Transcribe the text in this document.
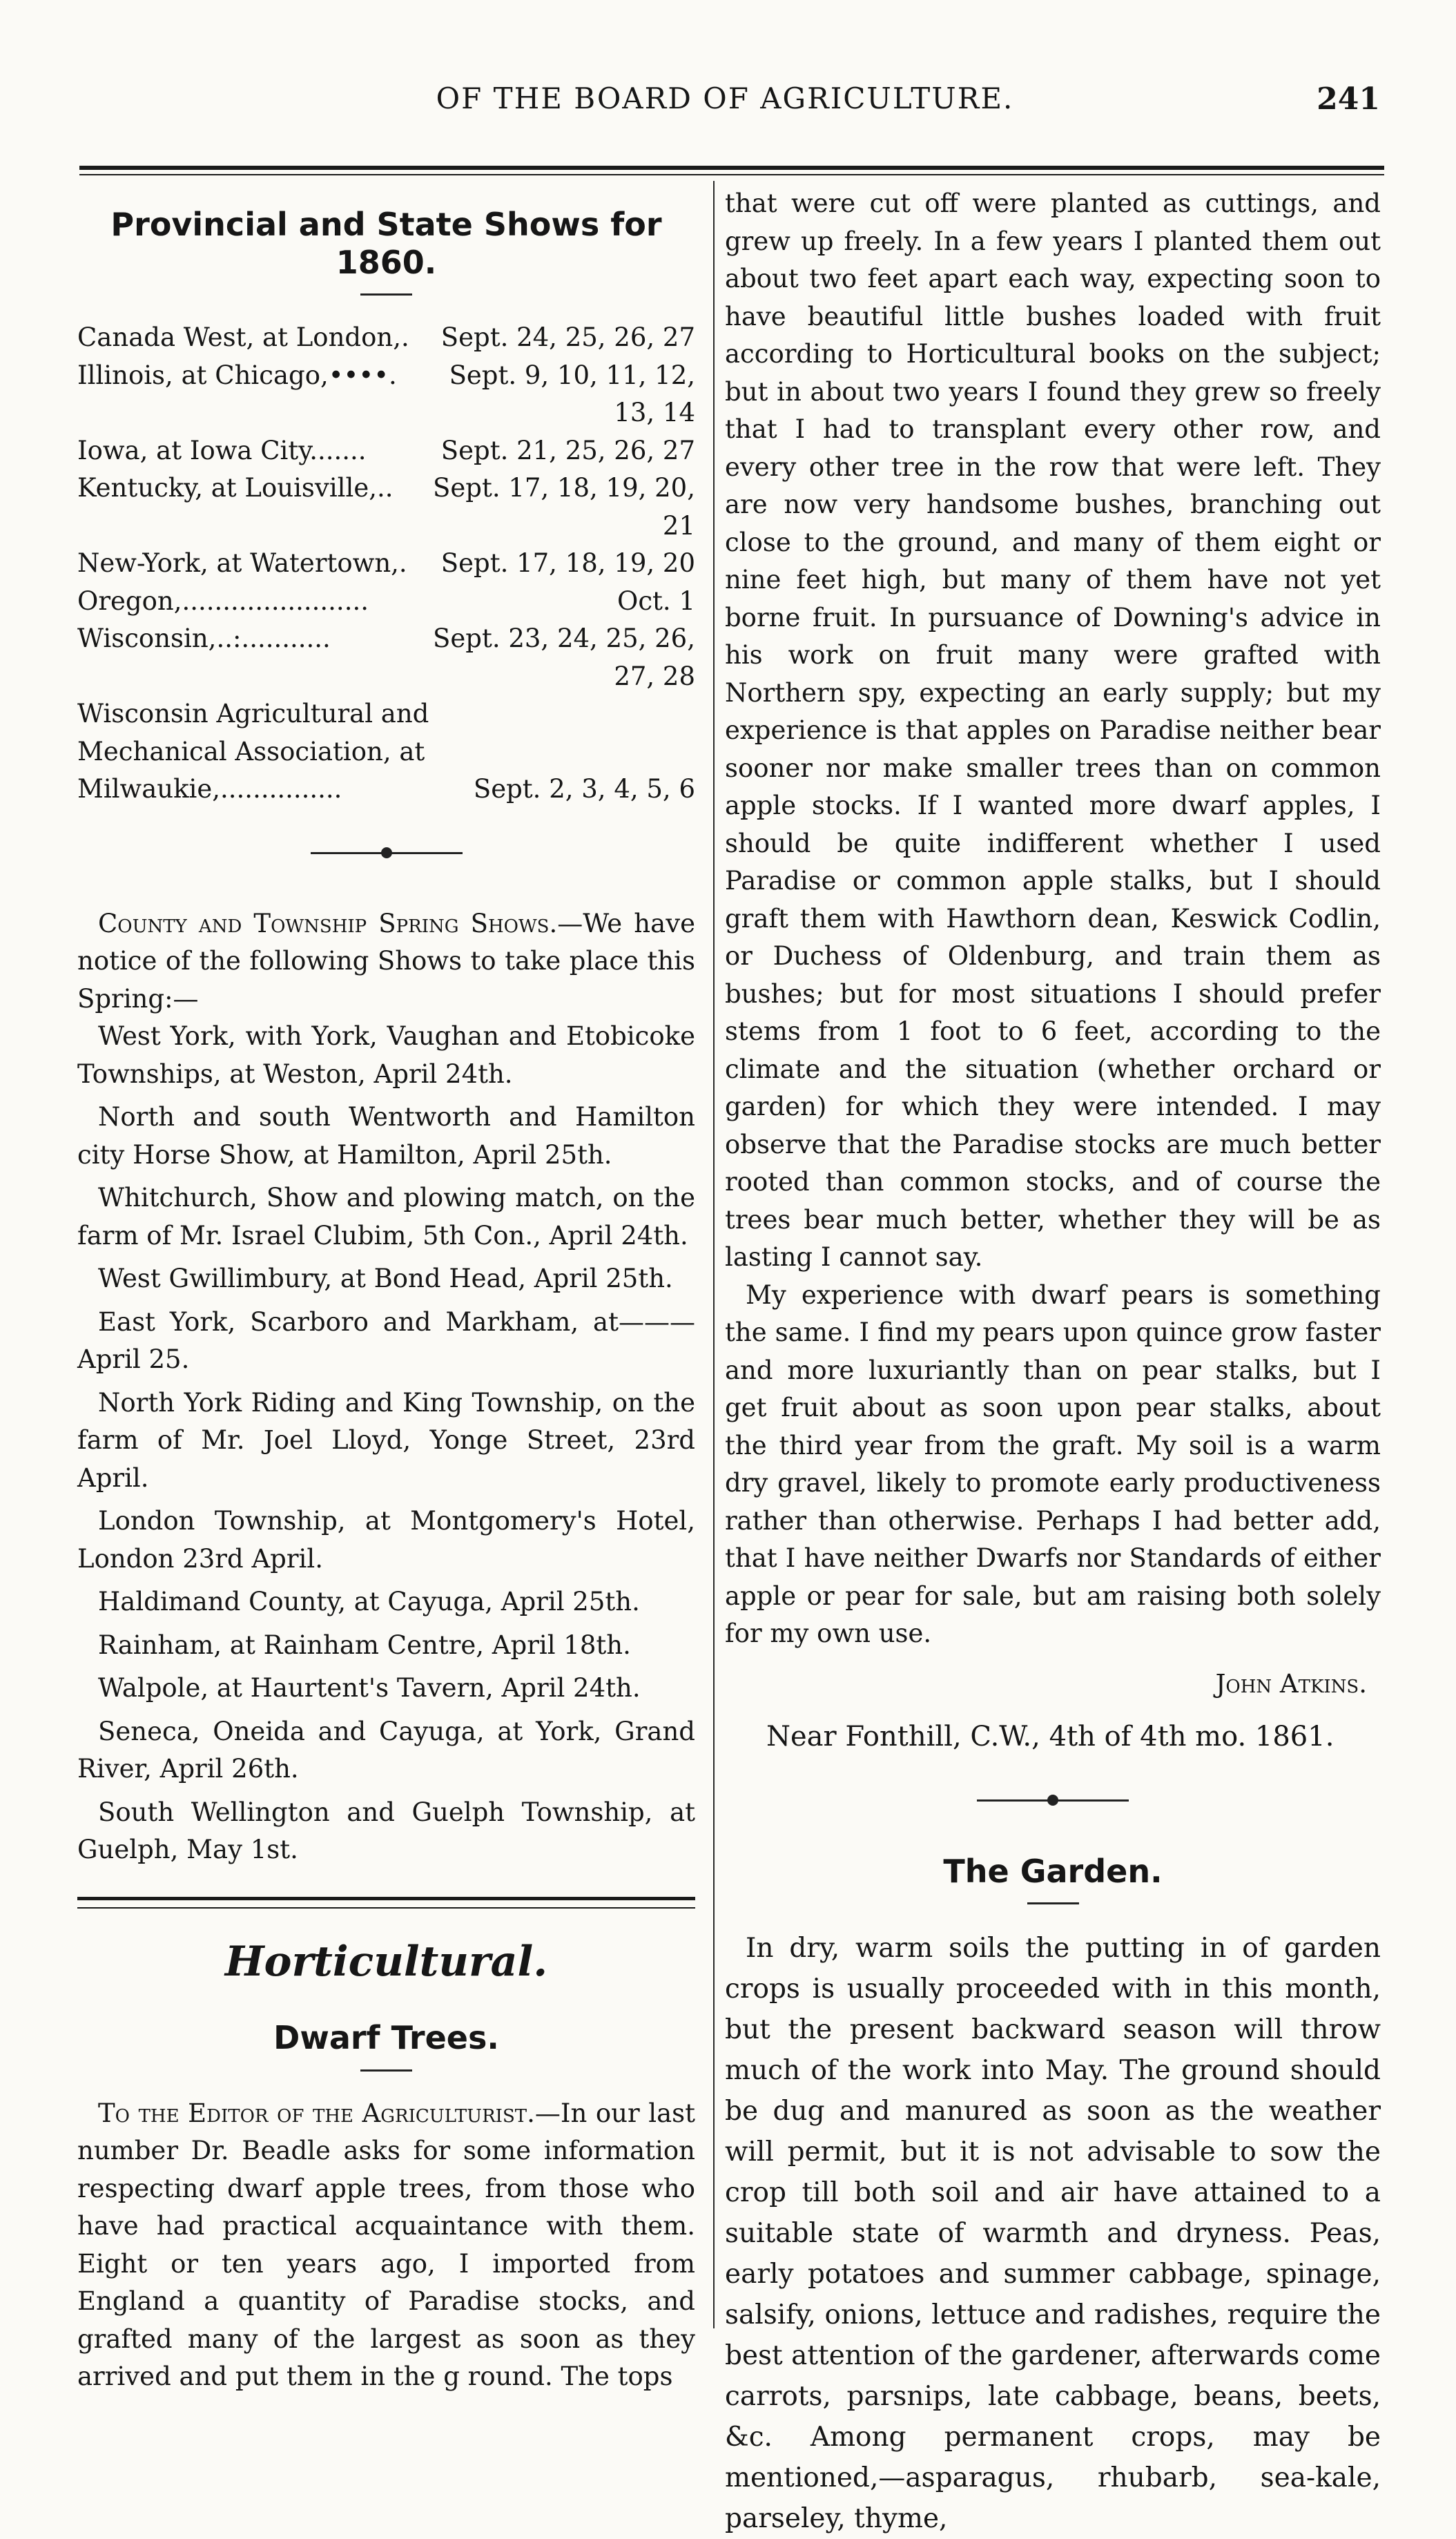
OF THE BOARD OF AGRICULTURE.	241
Provincial and State Shows for 1860.
Canada West, at London,. Sept. 24, 25, 26, 27
Illinois, at Chicago,••••. Sept. 9, 10, 11, 12,
13, 14
Iowa, at Iowa City.......	Sept. 21, 25, 26, 27
Kentucky, at Louisville,.. Sept. 17, 18, 19, 20,
21
New-York, at Watertown,. Sept. 17, 18, 19, 20
Oregon,.......................	Oct. 1
Wisconsin,..:...........	Sept. 23, 24, 25, 26,
27, 28
Wisconsin Agricultural and
Mechanical Association, at
Milwaukie,...............	Sept. 2, 3, 4, 5, 6

County and Township Spring Shows.—We have notice of the following Shows to take place this Spring:—

West York, with York, Vaughan and Etobicoke Townships, at Weston, April 24th.

North and south Wentworth and Hamilton city Horse Show, at Hamilton, April 25th.

Whitchurch, Show and plowing match, on the farm of Mr. Israel Clubim, 5th Con., April 24th.

West Gwillimbury, at Bond Head, April 25th.

East York, Scarboro and Markham, at——— April 25.

North York Riding and King Township, on the farm of Mr. Joel Lloyd, Yonge Street, 23rd April.

London Township, at Montgomery's Hotel, London 23rd April.

Haldimand County, at Cayuga, April 25th.

Rainham, at Rainham Centre, April 18th.

Walpole, at Haurtent's Tavern, April 24th.

Seneca, Oneida and Cayuga, at York, Grand River, April 26th.

South Wellington and Guelph Township, at Guelph, May 1st.

Horticultural.
Dwarf Trees.

To the Editor of the Agriculturist.—In our last number Dr. Beadle asks for some information respecting dwarf apple trees, from those who have had practical acquaintance with them. Eight or ten years ago, I imported from England a quantity of Paradise stocks, and grafted many of the largest as soon as they arrived and put them in the g round. The tops

that were cut off were planted as cuttings, and grew up freely. In a few years I planted them out about two feet apart each way, expecting soon to have beautiful little bushes loaded with fruit according to Horticultural books on the subject; but in about two years I found they grew so freely that I had to transplant every other row, and every other tree in the row that were left. They are now very handsome bushes, branching out close to the ground, and many of them eight or nine feet high, but many of them have not yet borne fruit. In pursuance of Downing's advice in his work on fruit many were grafted with Northern spy, expecting an early supply; but my experience is that apples on Paradise neither bear sooner nor make smaller trees than on common apple stocks. If I wanted more dwarf apples, I should be quite indifferent whether I used Paradise or common apple stalks, but I should graft them with Hawthorn dean, Keswick Codlin, or Duchess of Oldenburg, and train them as bushes; but for most situations I should prefer stems from 1 foot to 6 feet, according to the climate and the situation (whether orchard or garden) for which they were intended. I may observe that the Paradise stocks are much better rooted than common stocks, and of course the trees bear much better, whether they will be as lasting I cannot say.

My experience with dwarf pears is something the same. I find my pears upon quince grow faster and more luxuriantly than on pear stalks, but I get fruit about as soon upon pear stalks, about the third year from the graft. My soil is a warm dry gravel, likely to promote early productiveness rather than otherwise. Perhaps I had better add, that I have neither Dwarfs nor Standards of either apple or pear for sale, but am raising both solely for my own use.

John Atkins.

Near Fonthill, C.W., 4th of 4th mo. 1861.

The Garden.

In dry, warm soils the putting in of garden crops is usually proceeded with in this month, but the present backward season will throw much of the work into May. The ground should be dug and manured as soon as the weather will permit, but it is not advisable to sow the crop till both soil and air have attained to a suitable state of warmth and dryness. Peas, early potatoes and summer cabbage, spinage, salsify, onions, lettuce and radishes, require the best attention of the gardener, afterwards come carrots, parsnips, late cabbage, beans, beets, &c. Among permanent crops, may be mentioned,—asparagus, rhubarb, sea-kale, parseley, thyme,
